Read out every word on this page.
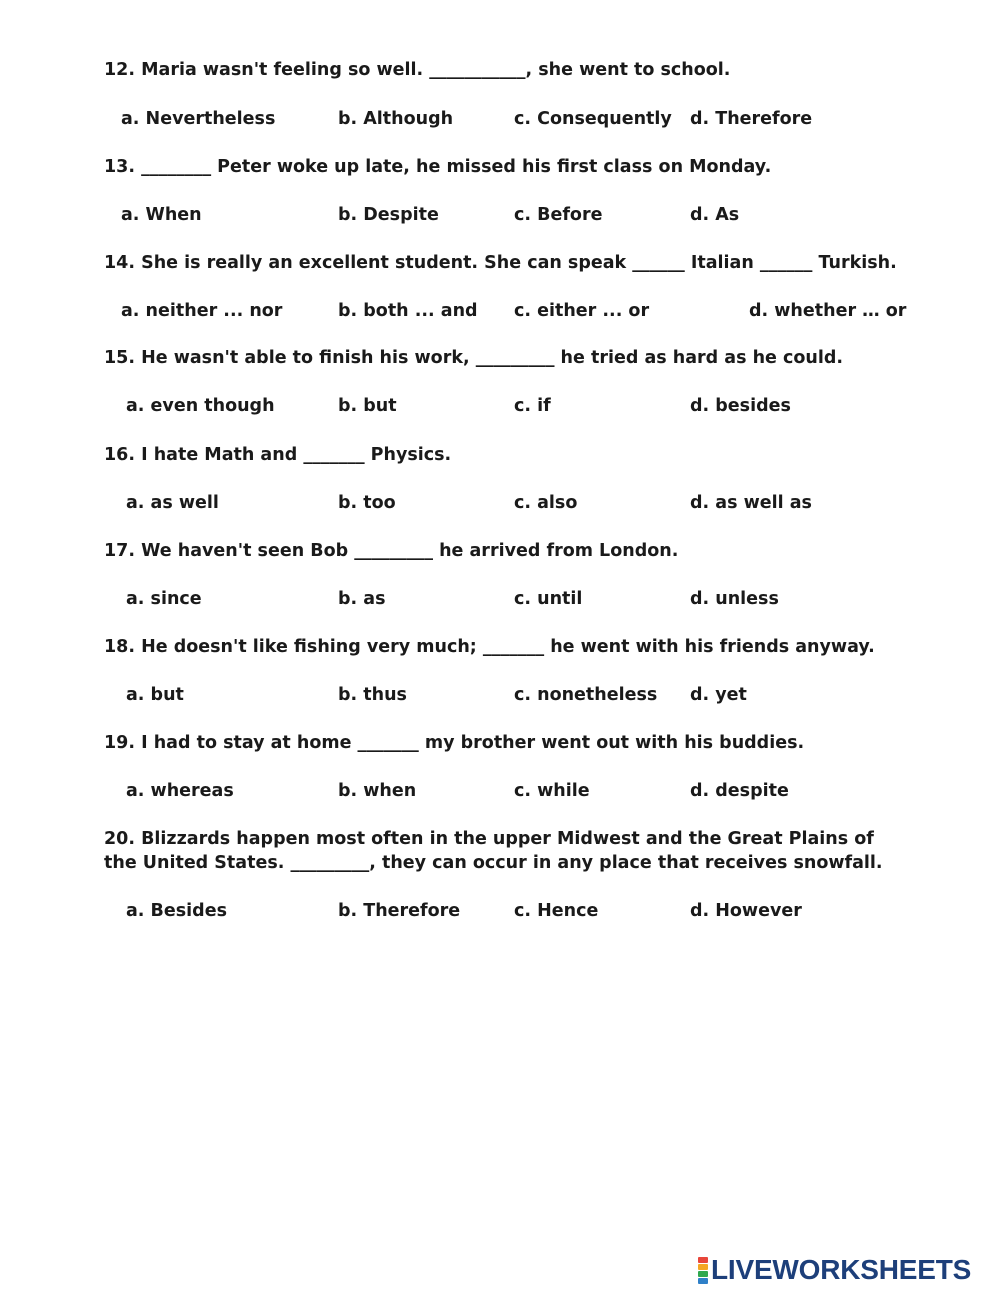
12. Maria wasn't feeling so well. ___________, she went to school.
a. Nevertheless	b. Although	c. Consequently d. Therefore
13. ________ Peter woke up late, he missed his first class on Monday.
a. When	b. Despite	c. Before	d. As
14. She is really an excellent student. She can speak ______ Italian ______ Turkish.
a. neither ... nor	b. both ... and c. either ... or	d. whether … or
15. He wasn't able to finish his work, _________ he tried as hard as he could.
a. even though	b. but	c. if	d. besides
16. I hate Math and _______ Physics.
a. as well	b. too	c. also	d. as well as
17. We haven't seen Bob _________ he arrived from London.
a. since	b. as	c. until	d. unless
18. He doesn't like fishing very much; _______ he went with his friends anyway.
a. but	b. thus	c. nonetheless d. yet
19. I had to stay at home _______ my brother went out with his buddies.
a. whereas	b. when	c. while	d. despite
20. Blizzards happen most often in the upper Midwest and the Great Plains of the United States. _________, they can occur in any place that receives snowfall.
a. Besides	b. Therefore	c. Hence	d. However
LIVEWORKSHEETS
